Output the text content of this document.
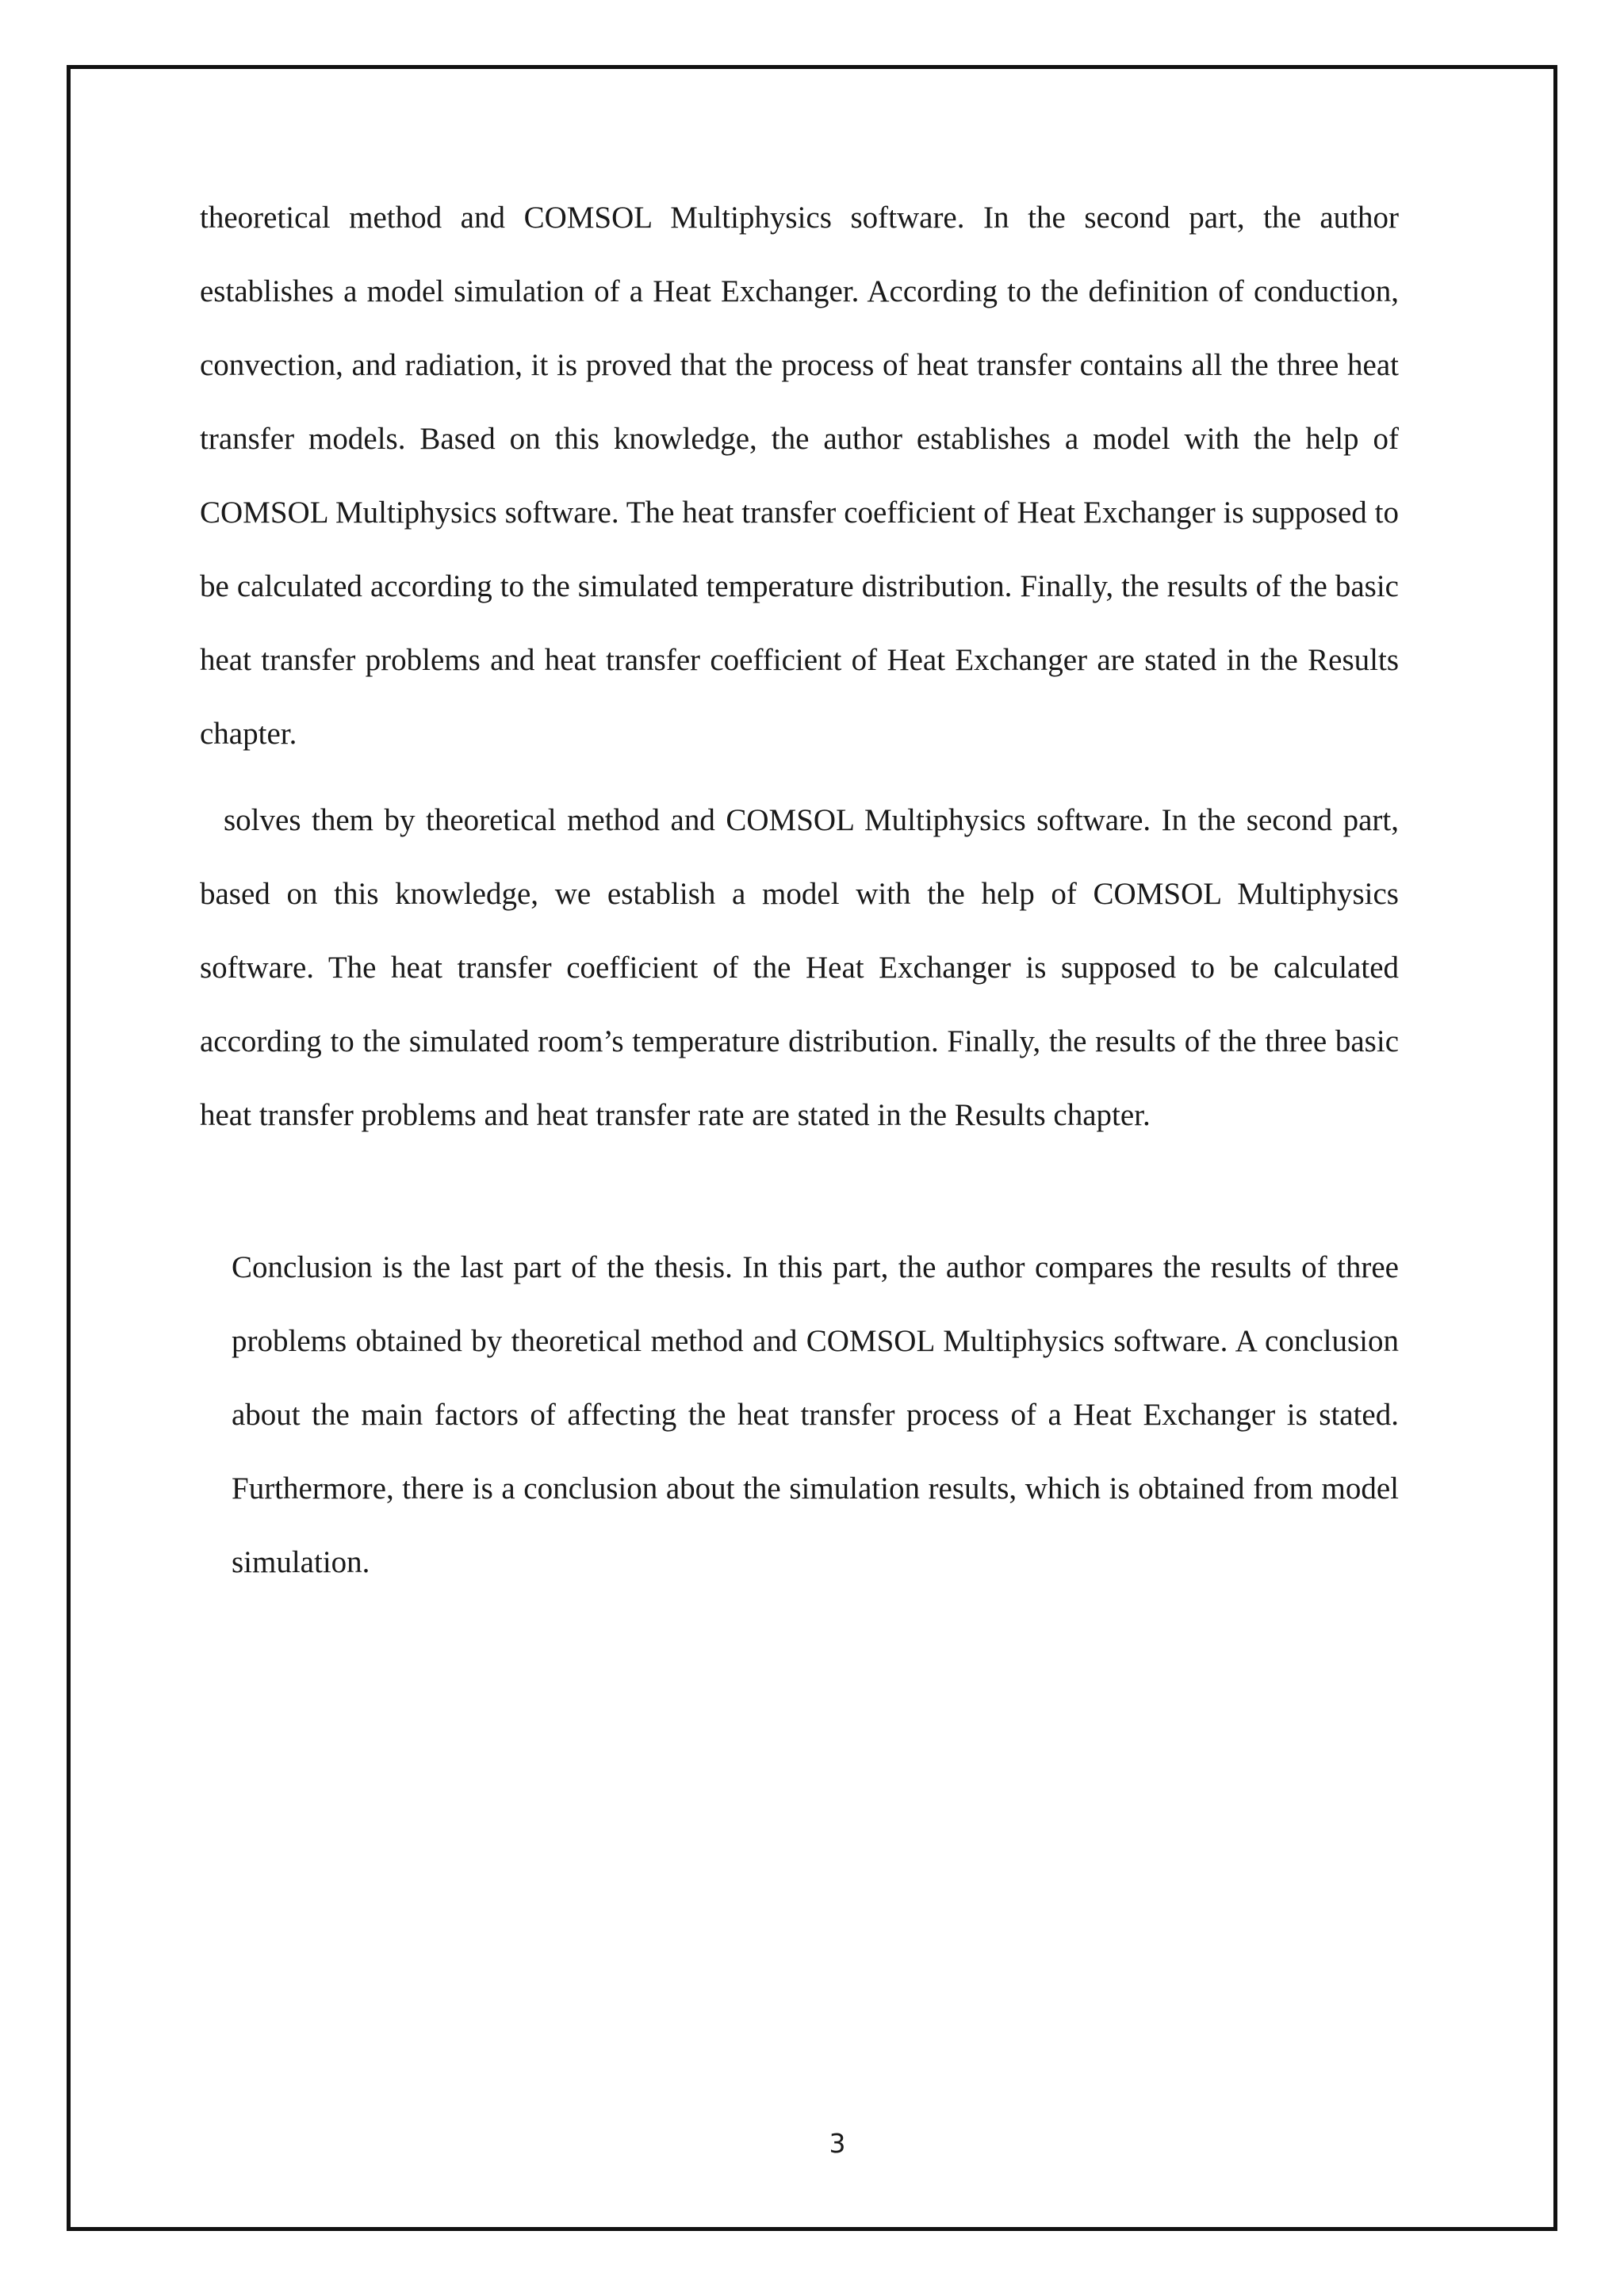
theoretical method and COMSOL Multiphysics software. In the second part, the author establishes a model simulation of a Heat Exchanger. According to the definition of conduction, convection, and radiation, it is proved that the process of heat transfer contains all the three heat transfer models. Based on this knowledge, the author establishes a model with the help of COMSOL Multiphysics software. The heat transfer coefficient of Heat Exchanger is supposed to be calculated according to the simulated temperature distribution. Finally, the results of the basic heat transfer problems and heat transfer coefficient of Heat Exchanger are stated in the Results chapter.

solves them by theoretical method and COMSOL Multiphysics software. In the second part, based on this knowledge, we establish a model with the help of COMSOL Multiphysics software. The heat transfer coefficient of the Heat Exchanger is supposed to be calculated according to the simulated room’s temperature distribution. Finally, the results of the three basic heat transfer problems and heat transfer rate are stated in the Results chapter.

Conclusion is the last part of the thesis. In this part, the author compares the results of three problems obtained by theoretical method and COMSOL Multiphysics software. A conclusion about the main factors of affecting the heat transfer process of a Heat Exchanger is stated. Furthermore, there is a conclusion about the simulation results, which is obtained from model simulation.

3
